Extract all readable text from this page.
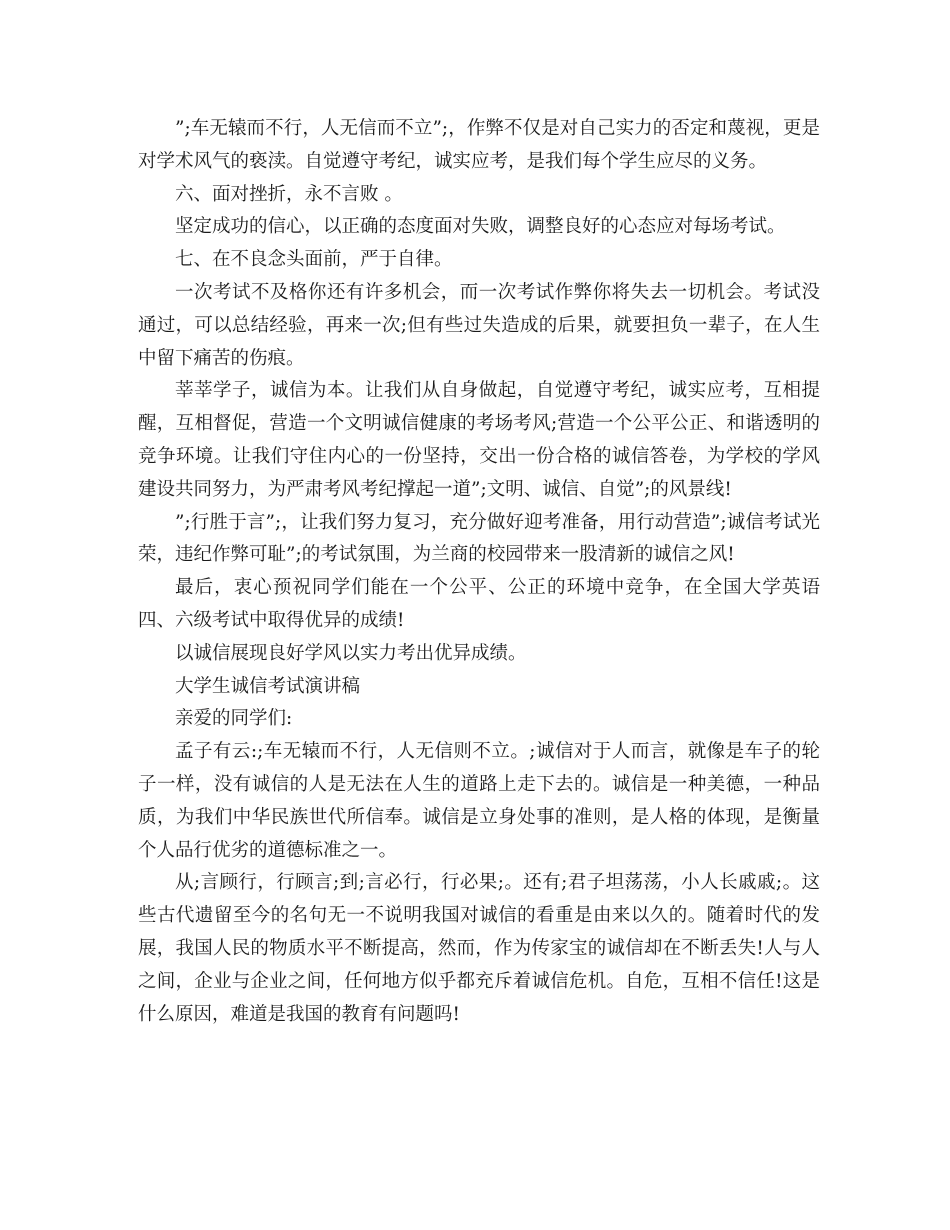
”;车无辕而不行，人无信而不立”;，作弊不仅是对自己实力的否定和蔑视，更是对学术风气的亵渎。自觉遵守考纪，诚实应考，是我们每个学生应尽的义务。

六、面对挫折，永不言败 。

坚定成功的信心，以正确的态度面对失败，调整良好的心态应对每场考试。

七、在不良念头面前，严于自律。

一次考试不及格你还有许多机会，而一次考试作弊你将失去一切机会。考试没通过，可以总结经验，再来一次;但有些过失造成的后果，就要担负一辈子，在人生中留下痛苦的伤痕。

莘莘学子，诚信为本。让我们从自身做起，自觉遵守考纪，诚实应考，互相提醒，互相督促，营造一个文明诚信健康的考场考风;营造一个公平公正、和谐透明的竞争环境。让我们守住内心的一份坚持，交出一份合格的诚信答卷，为学校的学风建设共同努力，为严肃考风考纪撑起一道”;文明、诚信、自觉”;的风景线!

”;行胜于言”;，让我们努力复习，充分做好迎考准备，用行动营造”;诚信考试光荣，违纪作弊可耻”;的考试氛围，为兰商的校园带来一股清新的诚信之风!

最后，衷心预祝同学们能在一个公平、公正的环境中竞争，在全国大学英语四、六级考试中取得优异的成绩!

以诚信展现良好学风以实力考出优异成绩。

大学生诚信考试演讲稿

亲爱的同学们:

孟子有云:;车无辕而不行，人无信则不立。;诚信对于人而言，就像是车子的轮子一样，没有诚信的人是无法在人生的道路上走下去的。诚信是一种美德，一种品质，为我们中华民族世代所信奉。诚信是立身处事的准则，是人格的体现，是衡量个人品行优劣的道德标准之一。

从;言顾行，行顾言;到;言必行，行必果;。还有;君子坦荡荡，小人长戚戚;。这些古代遗留至今的名句无一不说明我国对诚信的看重是由来以久的。随着时代的发展，我国人民的物质水平不断提高，然而，作为传家宝的诚信却在不断丢失!人与人之间，企业与企业之间，任何地方似乎都充斥着诚信危机。自危，互相不信任!这是什么原因，难道是我国的教育有问题吗!
